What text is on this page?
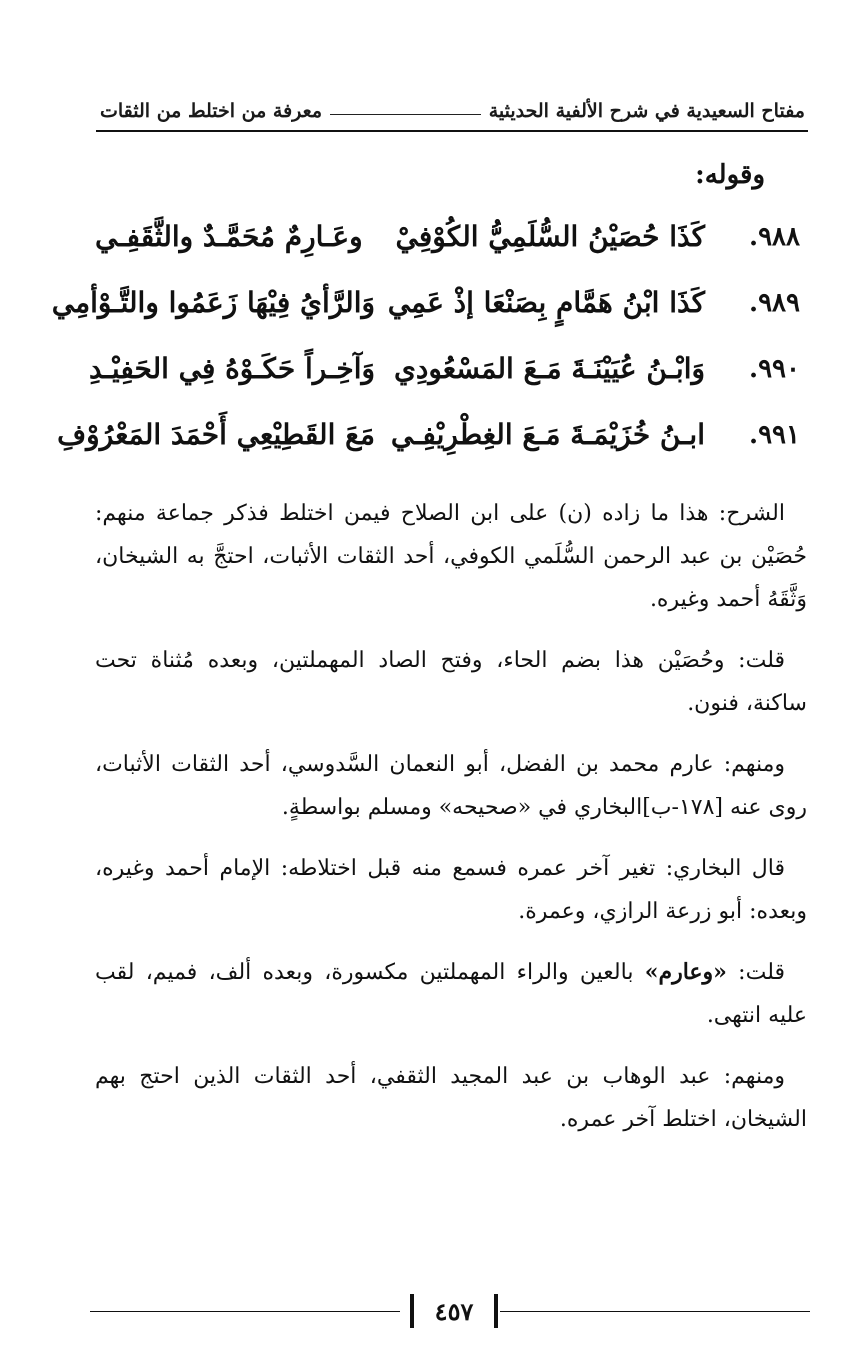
مفتاح السعيدية في شرح الألفية الحديثية
معرفة من اختلط من الثقات
وقوله:
٩٨٨.
كَذَا حُصَيْنُ السُّلَمِيُّ الكُوْفِيْ
وعَـارِمٌ مُحَمَّـدٌ والثَّقَفِـي
٩٨٩.
كَذَا ابْنُ هَمَّامٍ بِصَنْعَا إذْ عَمِي
وَالرَّأيُ فِيْهَا زَعَمُوا والتَّـوْأمِي
٩٩٠.
وَابْـنُ عُيَيْنَـةَ مَـعَ المَسْعُودِي
وَآخِـراً حَكَـوْهُ فِي الحَفِيْـدِ
٩٩١.
ابـنُ خُزَيْمَـةَ مَـعَ الغِطْرِيْفِـي
مَعَ القَطِيْعِي أَحْمَدَ المَعْرُوْفِ

الشرح: هذا ما زاده (ن) على ابن الصلاح فيمن اختلط فذكر جماعة منهم: حُصَيْن بن عبد الرحمن السُّلَمي الكوفي، أحد الثقات الأثبات، احتجَّ به الشيخان، وَثَّقَهُ أحمد وغيره.

قلت: وحُصَيْن هذا بضم الحاء، وفتح الصاد المهملتين، وبعده مُثناة تحت ساكنة، فنون.

ومنهم: عارم محمد بن الفضل، أبو النعمان السَّدوسي، أحد الثقات الأثبات، روى عنه [١٧٨-ب]البخاري في «صحيحه» ومسلم بواسطةٍ.

قال البخاري: تغير آخر عمره فسمع منه قبل اختلاطه: الإمام أحمد وغيره، وبعده: أبو زرعة الرازي، وعمرة.

قلت: «وعارم» بالعين والراء المهملتين مكسورة، وبعده ألف، فميم، لقب عليه انتهى.

ومنهم: عبد الوهاب بن عبد المجيد الثقفي، أحد الثقات الذين احتج بهم الشيخان، اختلط آخر عمره.

٤٥٧
